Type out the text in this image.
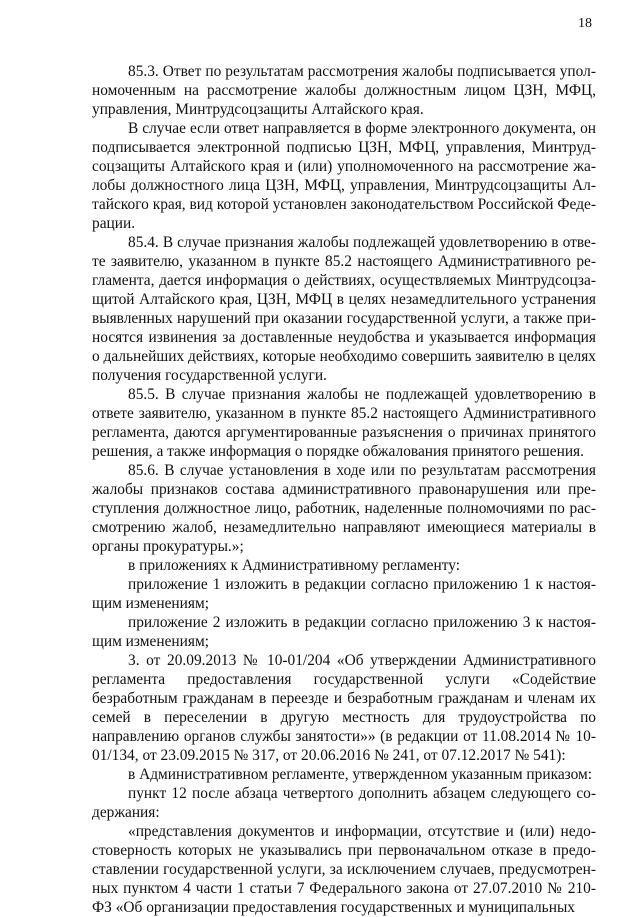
18

85.3. Ответ по результатам рассмотрения жалобы подписывается уполномоченным на рассмотрение жалобы должностным лицом ЦЗН, МФЦ, управления, Минтрудсоцзащиты Алтайского края.

В случае если ответ направляется в форме электронного документа, он подписывается электронной подписью ЦЗН, МФЦ, управления, Минтрудсоцзащиты Алтайского края и (или) уполномоченного на рассмотрение жалобы должностного лица ЦЗН, МФЦ, управления, Минтрудсоцзащиты Алтайского края, вид которой установлен законодательством Российской Федерации.

85.4. В случае признания жалобы подлежащей удовлетворению в ответе заявителю, указанном в пункте 85.2 настоящего Административного регламента, дается информация о действиях, осуществляемых Минтрудсоцзащитой Алтайского края, ЦЗН, МФЦ в целях незамедлительного устранения выявленных нарушений при оказании государственной услуги, а также приносятся извинения за доставленные неудобства и указывается информация о дальнейших действиях, которые необходимо совершить заявителю в целях получения государственной услуги.

85.5. В случае признания жалобы не подлежащей удовлетворению в ответе заявителю, указанном в пункте 85.2 настоящего Административного регламента, даются аргументированные разъяснения о причинах принятого решения, а также информация о порядке обжалования принятого решения.

85.6. В случае установления в ходе или по результатам рассмотрения жалобы признаков состава административного правонарушения или преступления должностное лицо, работник, наделенные полномочиями по рассмотрению жалоб, незамедлительно направляют имеющиеся материалы в органы прокуратуры.»;

в приложениях к Административному регламенту:

приложение 1 изложить в редакции согласно приложению 1 к настоящим изменениям;

приложение 2 изложить в редакции согласно приложению 3 к настоящим изменениям;

3. от 20.09.2013 № 10-01/204 «Об утверждении Административного регламента предоставления государственной услуги «Содействие безработным гражданам в переезде и безработным гражданам и членам их семей в переселении в другую местность для трудоустройства по направлению органов службы занятости»» (в редакции от 11.08.2014 № 10-01/134, от 23.09.2015 № 317, от 20.06.2016 № 241, от 07.12.2017 № 541):

в Административном регламенте, утвержденном указанным приказом:

пункт 12 после абзаца четвертого дополнить абзацем следующего содержания:

«представления документов и информации, отсутствие и (или) недостоверность которых не указывались при первоначальном отказе в предоставлении государственной услуги, за исключением случаев, предусмотренных пунктом 4 части 1 статьи 7 Федерального закона от 27.07.2010 № 210-ФЗ «Об организации предоставления государственных и муниципальных
